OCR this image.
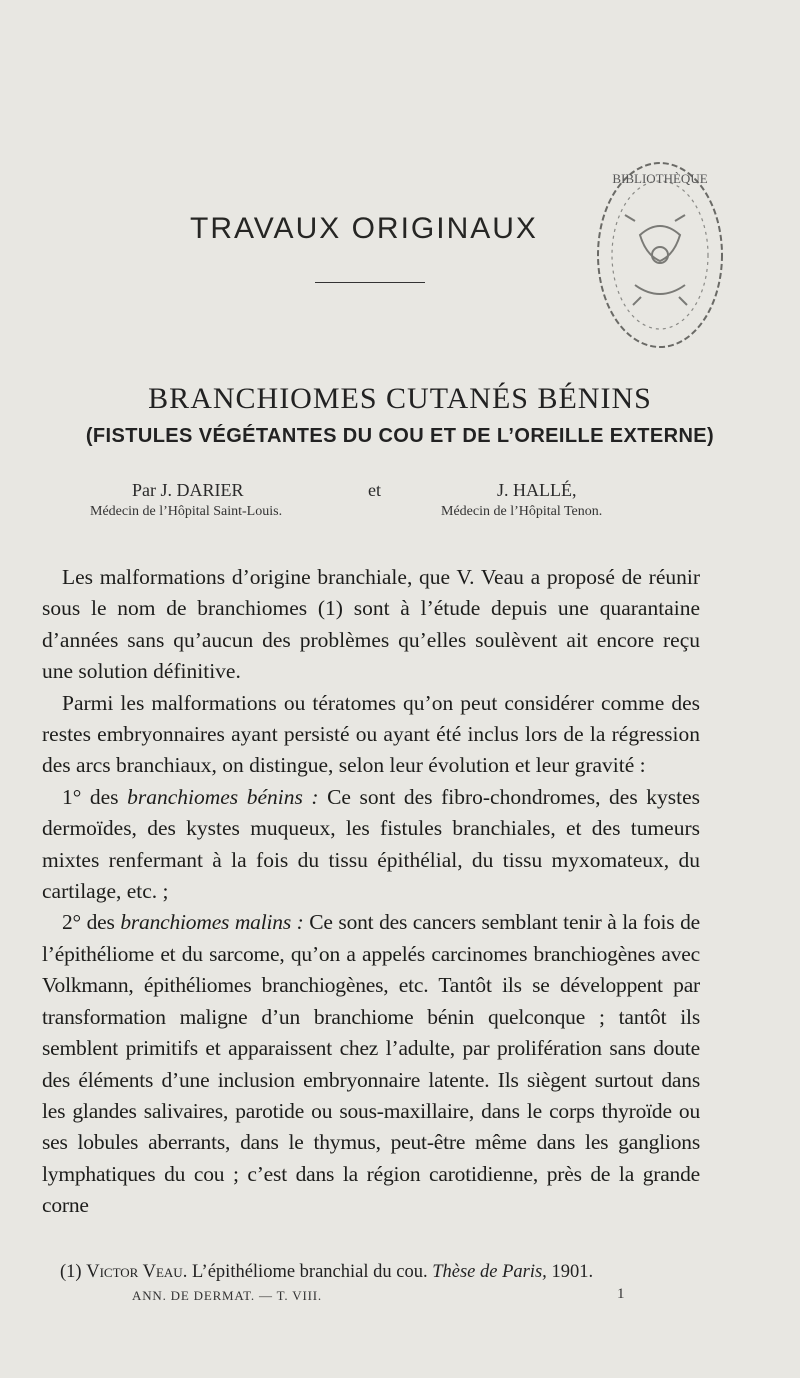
TRAVAUX ORIGINAUX
BIBLIOTHÈQUE
BRANCHIOMES CUTANÉS BÉNINS
(FISTULES VÉGÉTANTES DU COU ET DE L’OREILLE EXTERNE)
Par J. DARIER
Médecin de l’Hôpital Saint-Louis.
et	J. HALLÉ,
Médecin de l’Hôpital Tenon.

Les malformations d’origine branchiale, que V. Veau a proposé de réunir sous le nom de branchiomes (1) sont à l’étude depuis une quarantaine d’années sans qu’aucun des problèmes qu’elles soulèvent ait encore reçu une solution définitive.

Parmi les malformations ou tératomes qu’on peut considérer comme des restes embryonnaires ayant persisté ou ayant été inclus lors de la régression des arcs branchiaux, on distingue, selon leur évolution et leur gravité :

1° des branchiomes bénins : Ce sont des fibro-chondromes, des kystes dermoïdes, des kystes muqueux, les fistules branchiales, et des tumeurs mixtes renfermant à la fois du tissu épithélial, du tissu myxomateux, du cartilage, etc. ;

2° des branchiomes malins : Ce sont des cancers semblant tenir à la fois de l’épithéliome et du sarcome, qu’on a appelés carcinomes branchiogènes avec Volkmann, épithéliomes branchiogènes, etc. Tantôt ils se développent par transformation maligne d’un branchiome bénin quelconque ; tantôt ils semblent primitifs et apparaissent chez l’adulte, par prolifération sans doute des éléments d’une inclusion embryonnaire latente. Ils siègent surtout dans les glandes salivaires, parotide ou sous-maxillaire, dans le corps thyroïde ou ses lobules aberrants, dans le thymus, peut-être même dans les ganglions lymphatiques du cou ; c’est dans la région carotidienne, près de la grande corne

(1) Victor Veau. L’épithéliome branchial du cou. Thèse de Paris, 1901.
ANN. DE DERMAT. — T. VIII.	1
